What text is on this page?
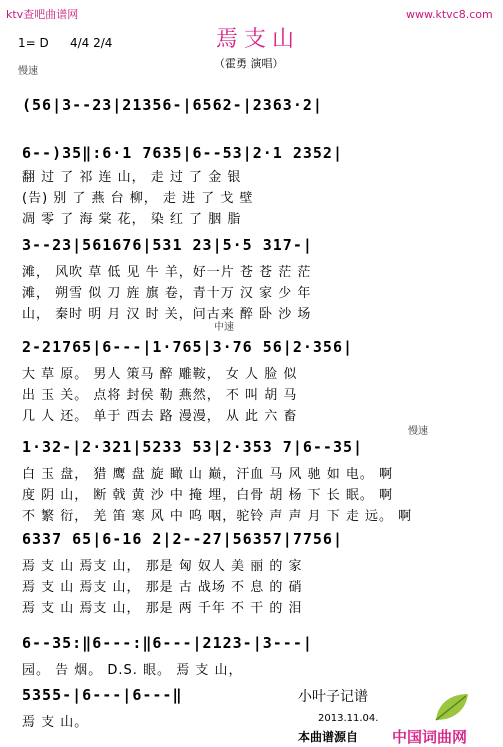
ktv查吧曲谱网	www.ktvc8.com
焉支山
（霍勇 演唱）
1= D 4/4 2/4
慢速
(56|3--23|21356-|6562-|2363·2|
6--)35‖:6·1 7635|6--53|2·1 2352|
翻 过 了 祁 连 山， 走 过 了 金 银
(告) 别 了 燕 台 柳， 走 进 了 戈 壁
凋 零 了 海 棠 花， 染 红 了 胭 脂
3--23|561676|531 23|5·5 317-|
滩， 风吹 草 低 见 牛 羊，好一片 苍 苍 茫 茫
滩， 朔雪 似 刀 旌 旗 卷，青十万 汉 家 少 年
山， 秦时 明 月 汉 时 关，问古来 醉 卧 沙 场
中速
2-21765|6---|1·765|3·76 56|2·356|
大 草 原。 男人 策马 醉 雕鞍， 女 人 脸 似
出 玉 关。 点将 封侯 勒 燕然， 不 叫 胡 马
几 人 还。 单于 西去 路 漫漫， 从 此 六 畜
慢速
1·32-|2·321|5233 53|2·353 7|6--35|
白 玉 盘， 猎 鹰 盘 旋 瞰 山 巅，汗血 马 风 驰 如 电。 啊
度 阴 山， 断 戟 黄 沙 中 掩 埋，白骨 胡 杨 下 长 眠。 啊
不 繁 衍， 羌 笛 寒 风 中 呜 咽，驼铃 声 声 月 下 走 远。 啊
6337 65|6-16 2|2--27|56357|7756|
焉 支 山 焉支 山， 那是 匈 奴人 美 丽 的 家
焉 支 山 焉支 山， 那是 古 战场 不 息 的 硝
焉 支 山 焉支 山， 那是 两 千年 不 干 的 泪
6--35:‖6---:‖6---|2123-|3---|
园。 告 烟。 D.S. 眼。 焉 支 山，
5355-|6---|6---‖
焉 支 山。
小叶子记谱
2013.11.04.
本曲谱源自 中国词曲网
